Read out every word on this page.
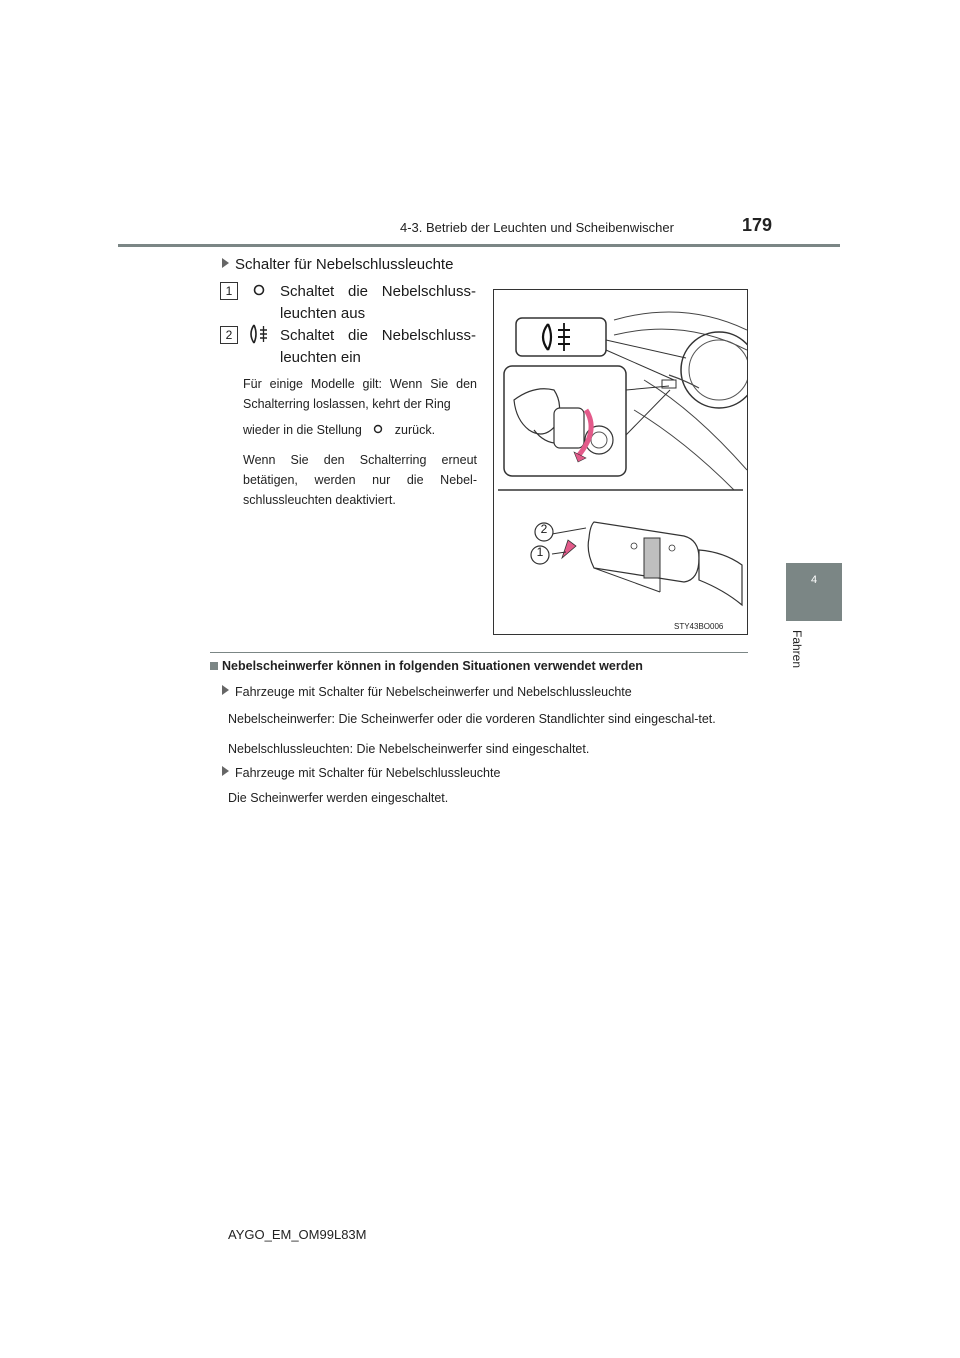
4-3. Betrieb der Leuchten und Scheibenwischer	179
4
Fahren
Schalter für Nebelschlussleuchte
1	Schaltet die Nebelschluss-leuchten aus
2	Schaltet die Nebelschluss-leuchten ein
Für einige Modelle gilt: Wenn Sie den Schalterring loslassen, kehrt der Ring
wieder in die Stellung	zurück.
Wenn Sie den Schalterring erneut betätigen, werden nur die Nebel-schlussleuchten deaktiviert.
2
1
STY43BO006
Nebelscheinwerfer können in folgenden Situationen verwendet werden
Fahrzeuge mit Schalter für Nebelscheinwerfer und Nebelschlussleuchte
Nebelscheinwerfer: Die Scheinwerfer oder die vorderen Standlichter sind eingeschal-tet.
Nebelschlussleuchten: Die Nebelscheinwerfer sind eingeschaltet.
Fahrzeuge mit Schalter für Nebelschlussleuchte
Die Scheinwerfer werden eingeschaltet.
AYGO_EM_OM99L83M
